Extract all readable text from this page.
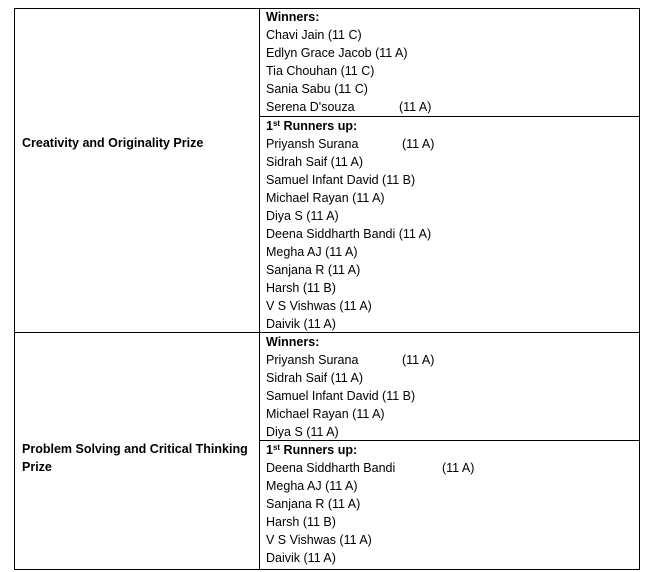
Creativity and Originality Prize
Winners:
Chavi Jain (11 C)
Edlyn Grace Jacob (11 A)
Tia Chouhan (11 C)
Sania Sabu (11 C)
Serena D'souza	(11 A)
1st Runners up:
Priyansh Surana	(11 A)
Sidrah Saif (11 A)
Samuel Infant David (11 B)
Michael Rayan (11 A)
Diya S (11 A)
Deena Siddharth Bandi (11 A)
Megha AJ (11 A)
Sanjana R (11 A)
Harsh (11 B)
V S Vishwas (11 A)
Daivik (11 A)
Problem Solving and Critical Thinking Prize
Winners:
Priyansh Surana	(11 A)
Sidrah Saif (11 A)
Samuel Infant David (11 B)
Michael Rayan (11 A)
Diya S (11 A)
1st Runners up:
Deena Siddharth Bandi	(11 A)
Megha AJ (11 A)
Sanjana R (11 A)
Harsh (11 B)
V S Vishwas (11 A)
Daivik (11 A)
